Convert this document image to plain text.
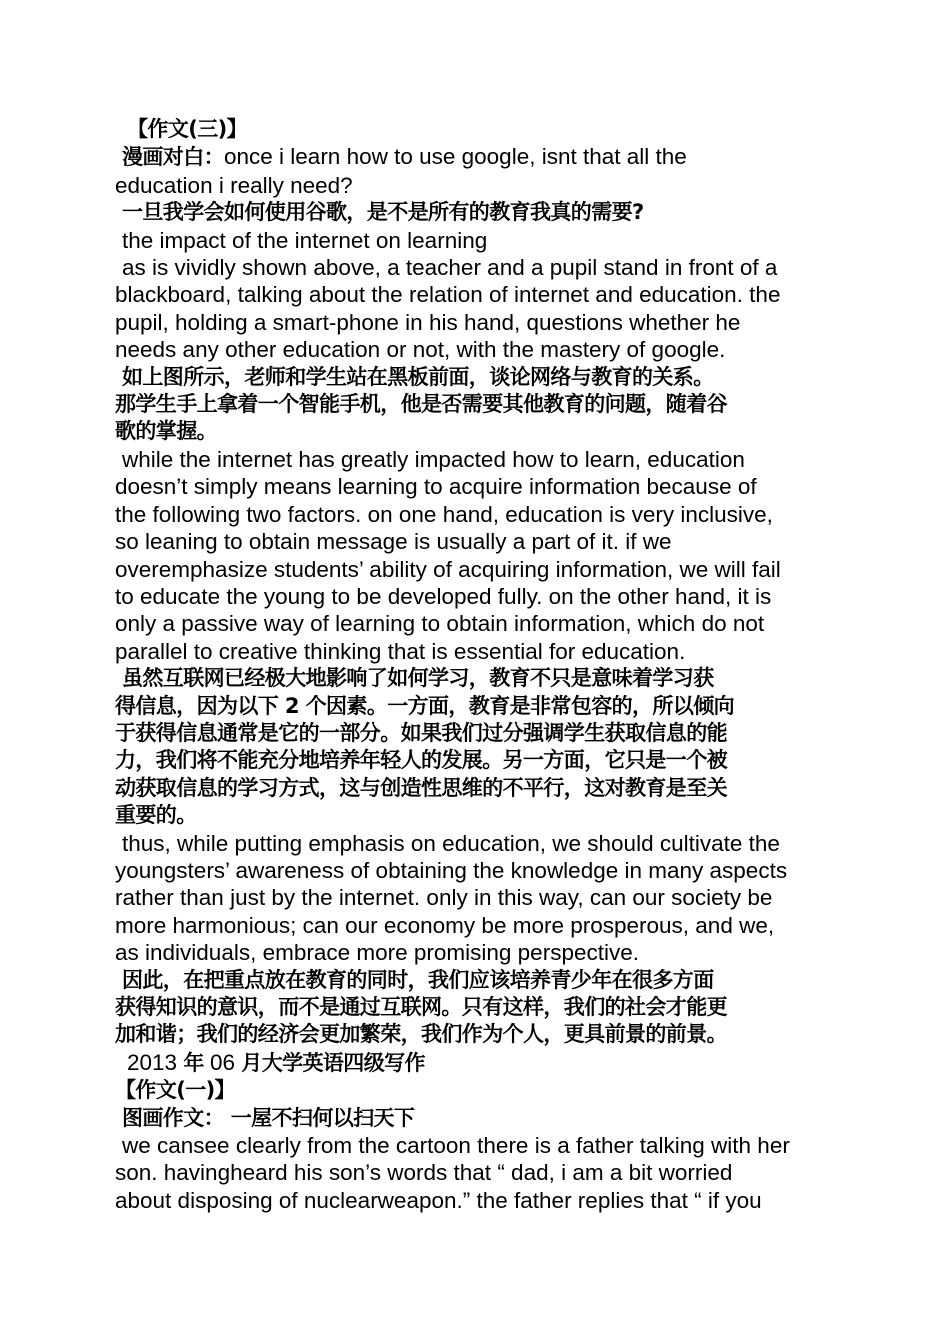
【作文(三)】
漫画对白：once i learn how to use google, isnt that all the
education i really need?
一旦我学会如何使用谷歌，是不是所有的教育我真的需要?
the impact of the internet on learning
as is vividly shown above, a teacher and a pupil stand in front of a
blackboard, talking about the relation of internet and education. the
pupil, holding a smart-phone in his hand, questions whether he
needs any other education or not, with the mastery of google.
如上图所示，老师和学生站在黑板前面，谈论网络与教育的关系。
那学生手上拿着一个智能手机，他是否需要其他教育的问题，随着谷
歌的掌握。
while the internet has greatly impacted how to learn, education
doesn’t simply means learning to acquire information because of
the following two factors. on one hand, education is very inclusive,
so leaning to obtain message is usually a part of it. if we
overemphasize students’ ability of acquiring information, we will fail
to educate the young to be developed fully. on the other hand, it is
only a passive way of learning to obtain information, which do not
parallel to creative thinking that is essential for education.
虽然互联网已经极大地影响了如何学习，教育不只是意味着学习获
得信息，因为以下 2 个因素。一方面，教育是非常包容的，所以倾向
于获得信息通常是它的一部分。如果我们过分强调学生获取信息的能
力，我们将不能充分地培养年轻人的发展。另一方面，它只是一个被
动获取信息的学习方式，这与创造性思维的不平行，这对教育是至关
重要的。
thus, while putting emphasis on education, we should cultivate the
youngsters’ awareness of obtaining the knowledge in many aspects
rather than just by the internet. only in this way, can our society be
more harmonious; can our economy be more prosperous, and we,
as individuals, embrace more promising perspective.
因此，在把重点放在教育的同时，我们应该培养青少年在很多方面
获得知识的意识，而不是通过互联网。只有这样，我们的社会才能更
加和谐；我们的经济会更加繁荣，我们作为个人，更具前景的前景。
2013 年 06 月大学英语四级写作
【作文(一)】
图画作文： 一屋不扫何以扫天下
we cansee clearly from the cartoon there is a father talking with her
son. havingheard his son’s words that “ dad, i am a bit worried
about disposing of nuclearweapon.” the father replies that “ if you
